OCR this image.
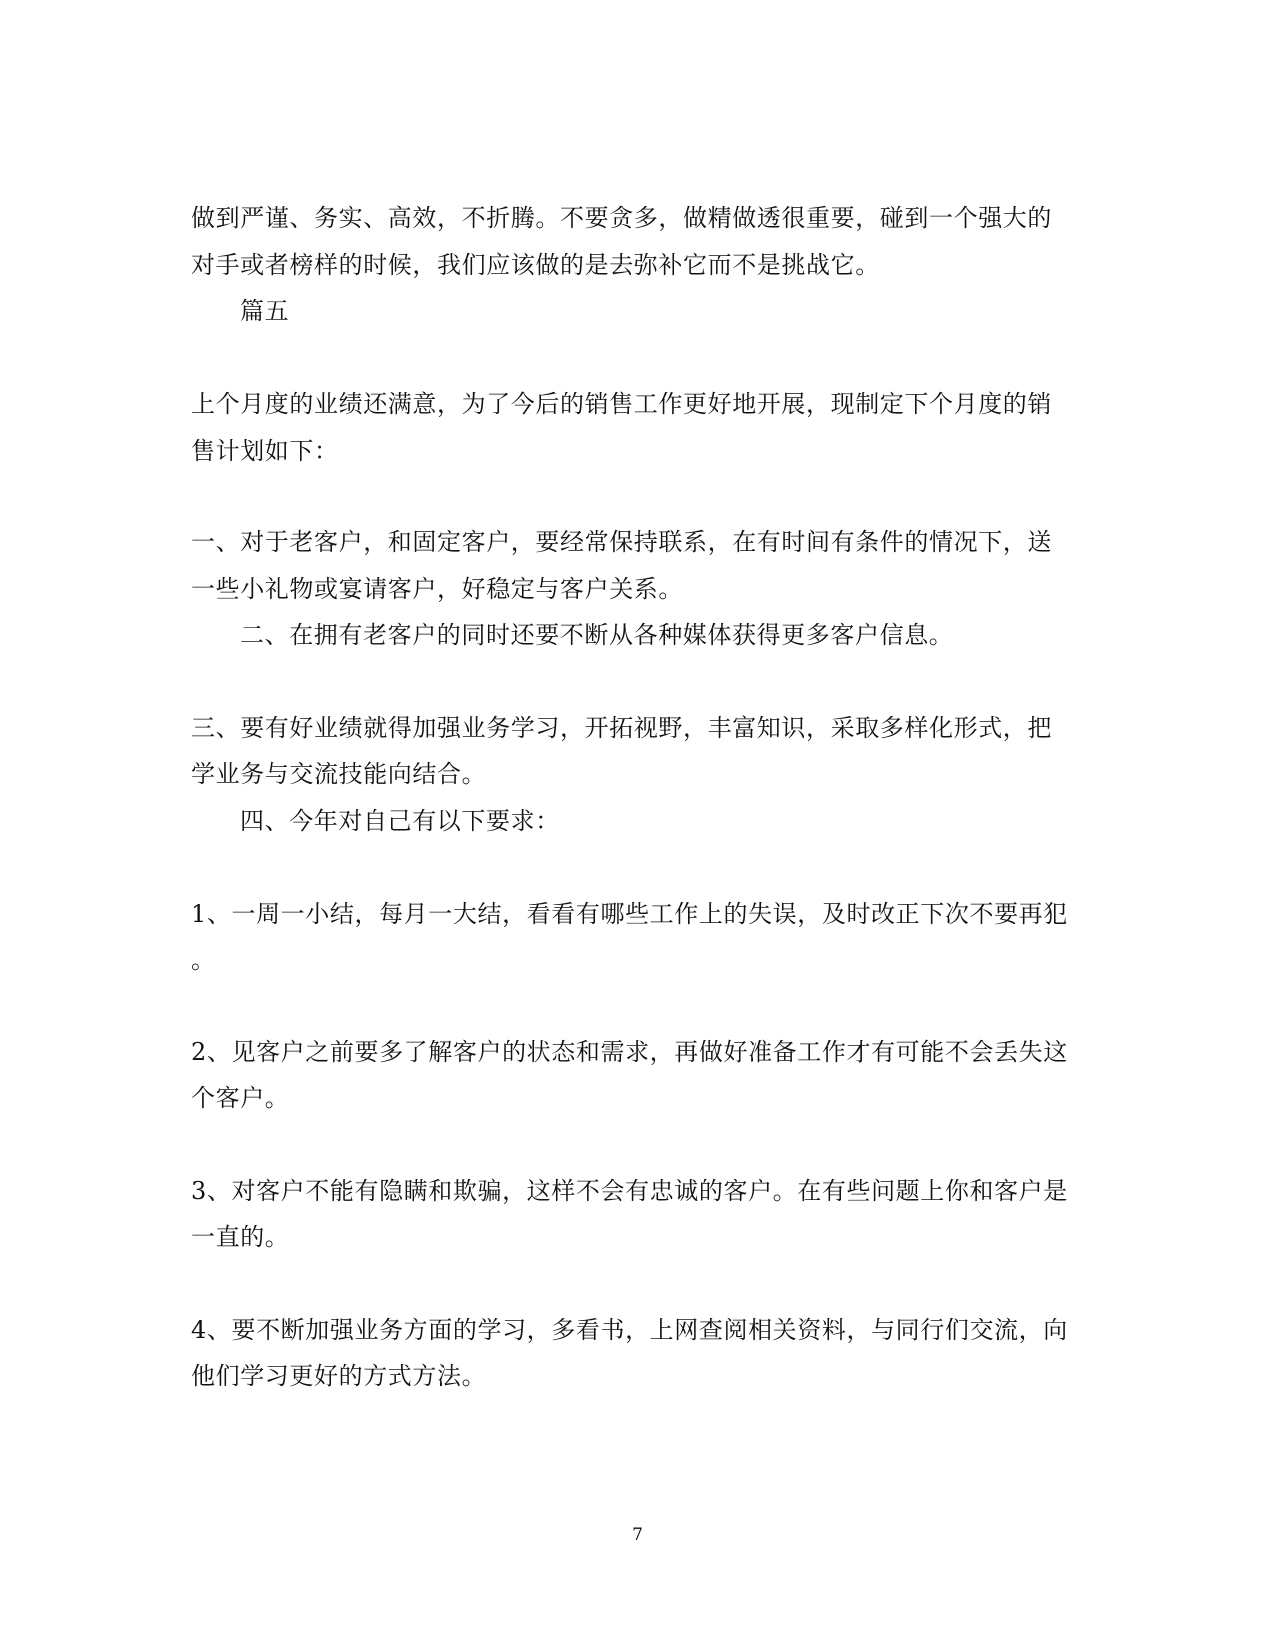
做到严谨、务实、高效，不折腾。不要贪多，做精做透很重要，碰到一个强大的
对手或者榜样的时候，我们应该做的是去弥补它而不是挑战它。
篇五
上个月度的业绩还满意，为了今后的销售工作更好地开展，现制定下个月度的销
售计划如下：
一、对于老客户，和固定客户，要经常保持联系，在有时间有条件的情况下，送
一些小礼物或宴请客户，好稳定与客户关系。
二、在拥有老客户的同时还要不断从各种媒体获得更多客户信息。
三、要有好业绩就得加强业务学习，开拓视野，丰富知识，采取多样化形式，把
学业务与交流技能向结合。
四、今年对自己有以下要求：
1、一周一小结，每月一大结，看看有哪些工作上的失误，及时改正下次不要再犯
。
2、见客户之前要多了解客户的状态和需求，再做好准备工作才有可能不会丢失这
个客户。
3、对客户不能有隐瞒和欺骗，这样不会有忠诚的客户。在有些问题上你和客户是
一直的。
4、要不断加强业务方面的学习，多看书，上网查阅相关资料，与同行们交流，向
他们学习更好的方式方法。
7
